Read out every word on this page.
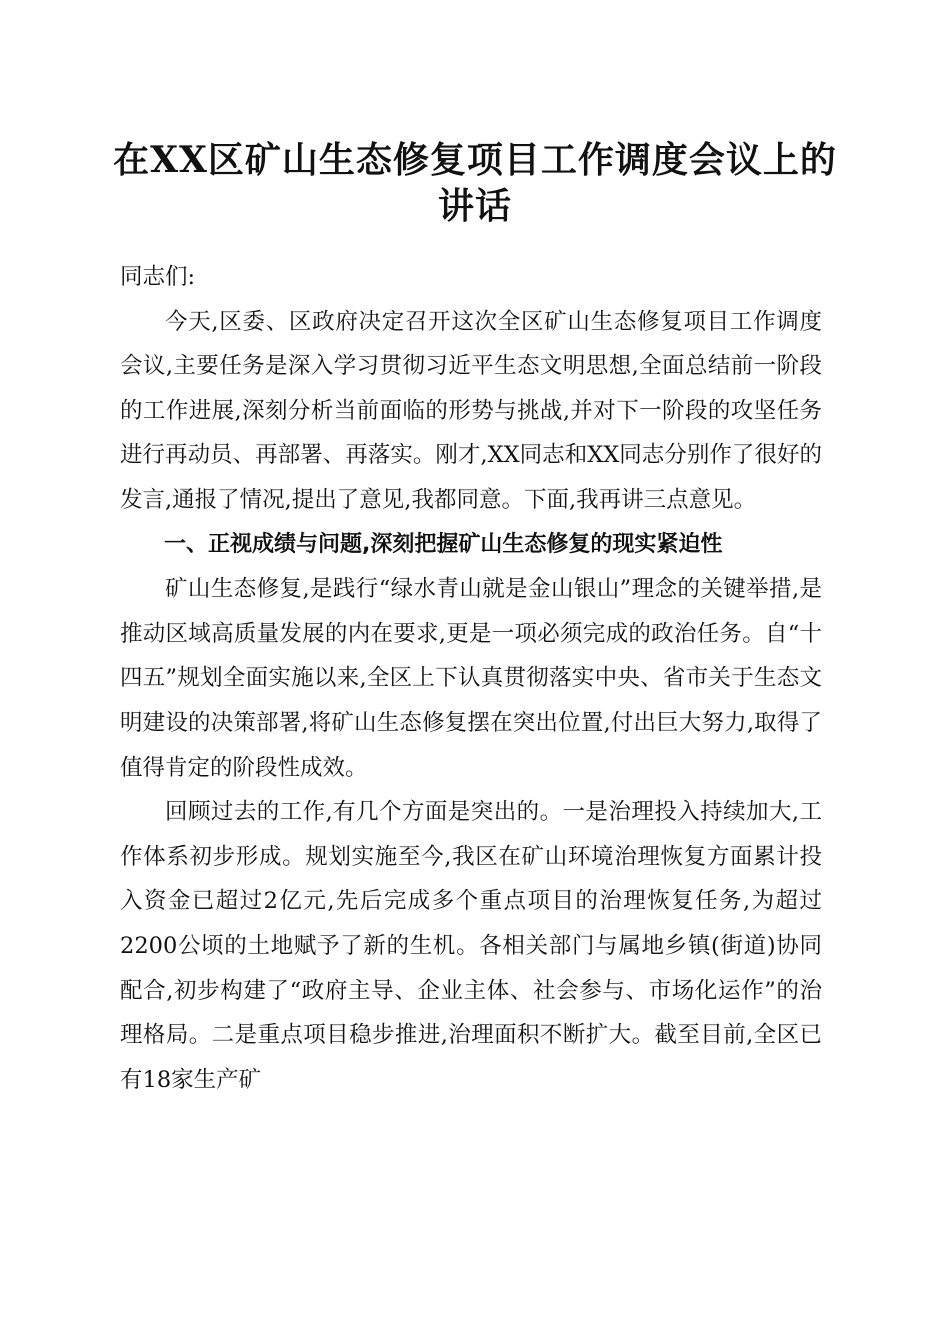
在XX区矿山生态修复项目工作调度会议上的
讲话

同志们:

今天,区委、区政府决定召开这次全区矿山生态修复项目工作调度会议,主要任务是深入学习贯彻习近平生态文明思想,全面总结前一阶段的工作进展,深刻分析当前面临的形势与挑战,并对下一阶段的攻坚任务进行再动员、再部署、再落实。刚才,XX同志和XX同志分别作了很好的发言,通报了情况,提出了意见,我都同意。下面,我再讲三点意见。

一、正视成绩与问题,深刻把握矿山生态修复的现实紧迫性

矿山生态修复,是践行“绿水青山就是金山银山”理念的关键举措,是推动区域高质量发展的内在要求,更是一项必须完成的政治任务。自“十四五”规划全面实施以来,全区上下认真贯彻落实中央、省市关于生态文明建设的决策部署,将矿山生态修复摆在突出位置,付出巨大努力,取得了值得肯定的阶段性成效。

回顾过去的工作,有几个方面是突出的。一是治理投入持续加大,工作体系初步形成。规划实施至今,我区在矿山环境治理恢复方面累计投入资金已超过2亿元,先后完成多个重点项目的治理恢复任务,为超过2200公顷的土地赋予了新的生机。各相关部门与属地乡镇(街道)协同配合,初步构建了“政府主导、企业主体、社会参与、市场化运作”的治理格局。二是重点项目稳步推进,治理面积不断扩大。截至目前,全区已有18家生产矿
